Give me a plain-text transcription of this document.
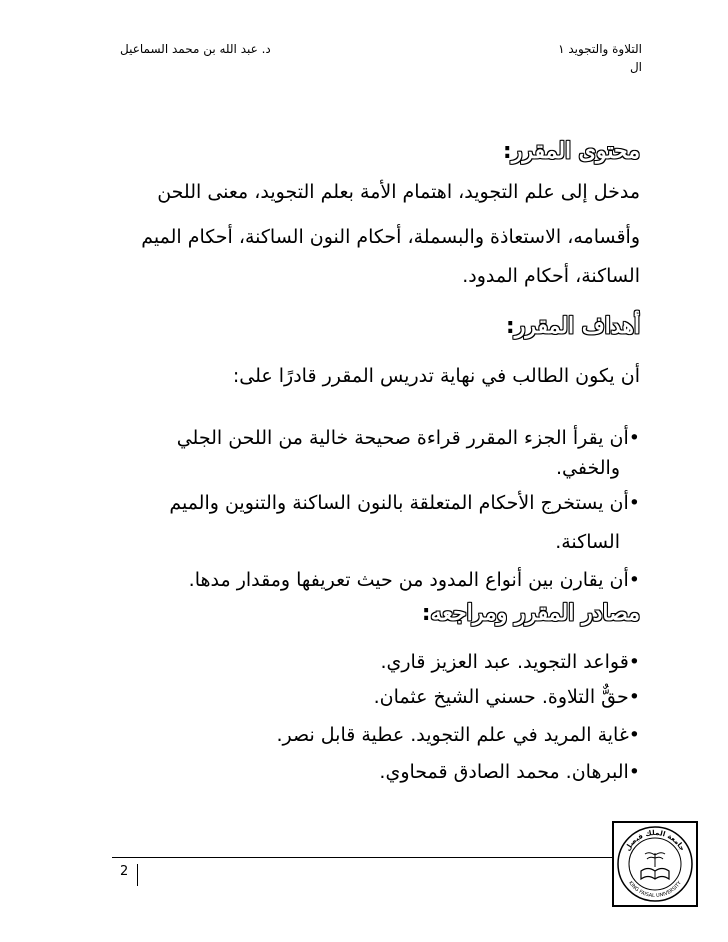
التلاوة والتجويد ١
ال
د. عبد الله بن محمد السماعيل
محتوى المقرر:
مدخل إلى علم التجويد، اهتمام الأمة بعلم التجويد، معنى اللحن
وأقسامه، الاستعاذة والبسملة، أحكام النون الساكنة، أحكام الميم
الساكنة، أحكام المدود.
أهداف المقرر:
أن يكون الطالب في نهاية تدريس المقرر قادرًا على:
•أن يقرأ الجزء المقرر قراءة صحيحة خالية من اللحن الجلي
والخفي.
•أن يستخرج الأحكام المتعلقة بالنون الساكنة والتنوين والميم
الساكنة.
•أن يقارن بين أنواع المدود من حيث تعريفها ومقدار مدها.
مصادر المقرر ومراجعه:
•قواعد التجويد. عبد العزيز قاري.
•حقٌّ التلاوة. حسني الشيخ عثمان.
•غاية المريد في علم التجويد. عطية قابل نصر.
•البرهان. محمد الصادق قمحاوي.
2
جامعة الملك فيصل
KING FAISAL UNIVERSITY
